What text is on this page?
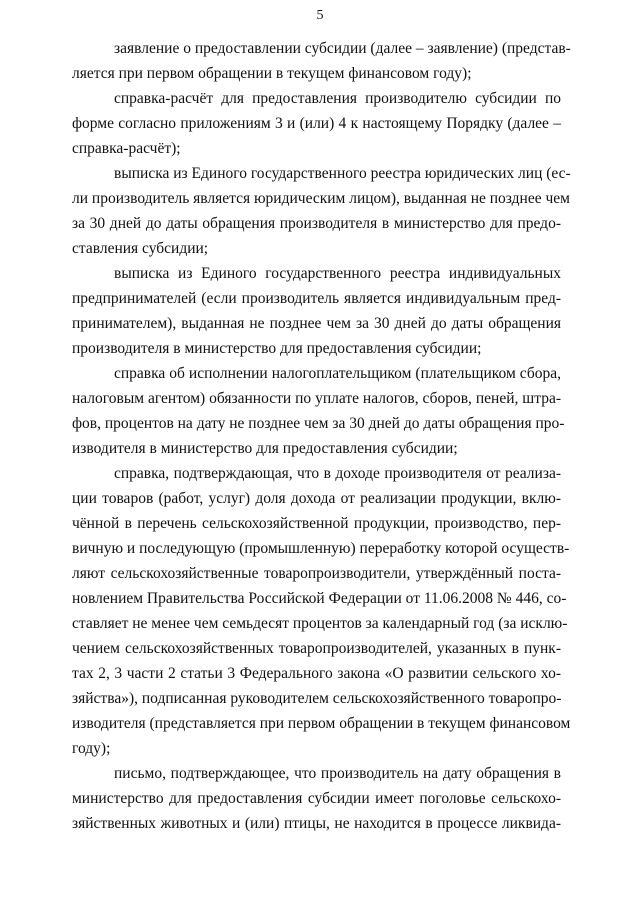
5
заявление о предоставлении субсидии (далее – заявление) (представ-
ляется при первом обращении в текущем финансовом году);
справка-расчёт для предоставления производителю субсидии по
форме согласно приложениям 3 и (или) 4 к настоящему Порядку (далее –
справка-расчёт);
выписка из Единого государственного реестра юридических лиц (ес-
ли производитель является юридическим лицом), выданная не позднее чем
за 30 дней до даты обращения производителя в министерство для предо-
ставления субсидии;
выписка из Единого государственного реестра индивидуальных
предпринимателей (если производитель является индивидуальным пред-
принимателем), выданная не позднее чем за 30 дней до даты обращения
производителя в министерство для предоставления субсидии;
справка об исполнении налогоплательщиком (плательщиком сбора,
налоговым агентом) обязанности по уплате налогов, сборов, пеней, штра-
фов, процентов на дату не позднее чем за 30 дней до даты обращения про-
изводителя в министерство для предоставления субсидии;
справка, подтверждающая, что в доходе производителя от реализа-
ции товаров (работ, услуг) доля дохода от реализации продукции, вклю-
чённой в перечень сельскохозяйственной продукции, производство, пер-
вичную и последующую (промышленную) переработку которой осуществ-
ляют сельскохозяйственные товаропроизводители, утверждённый поста-
новлением Правительства Российской Федерации от 11.06.2008 № 446, со-
ставляет не менее чем семьдесят процентов за календарный год (за исклю-
чением сельскохозяйственных товаропроизводителей, указанных в пунк-
тах 2, 3 части 2 статьи 3 Федерального закона «О развитии сельского хо-
зяйства»), подписанная руководителем сельскохозяйственного товаропро-
изводителя (представляется при первом обращении в текущем финансовом
году);
письмо, подтверждающее, что производитель на дату обращения в
министерство для предоставления субсидии имеет поголовье сельскохо-
зяйственных животных и (или) птицы, не находится в процессе ликвида-
